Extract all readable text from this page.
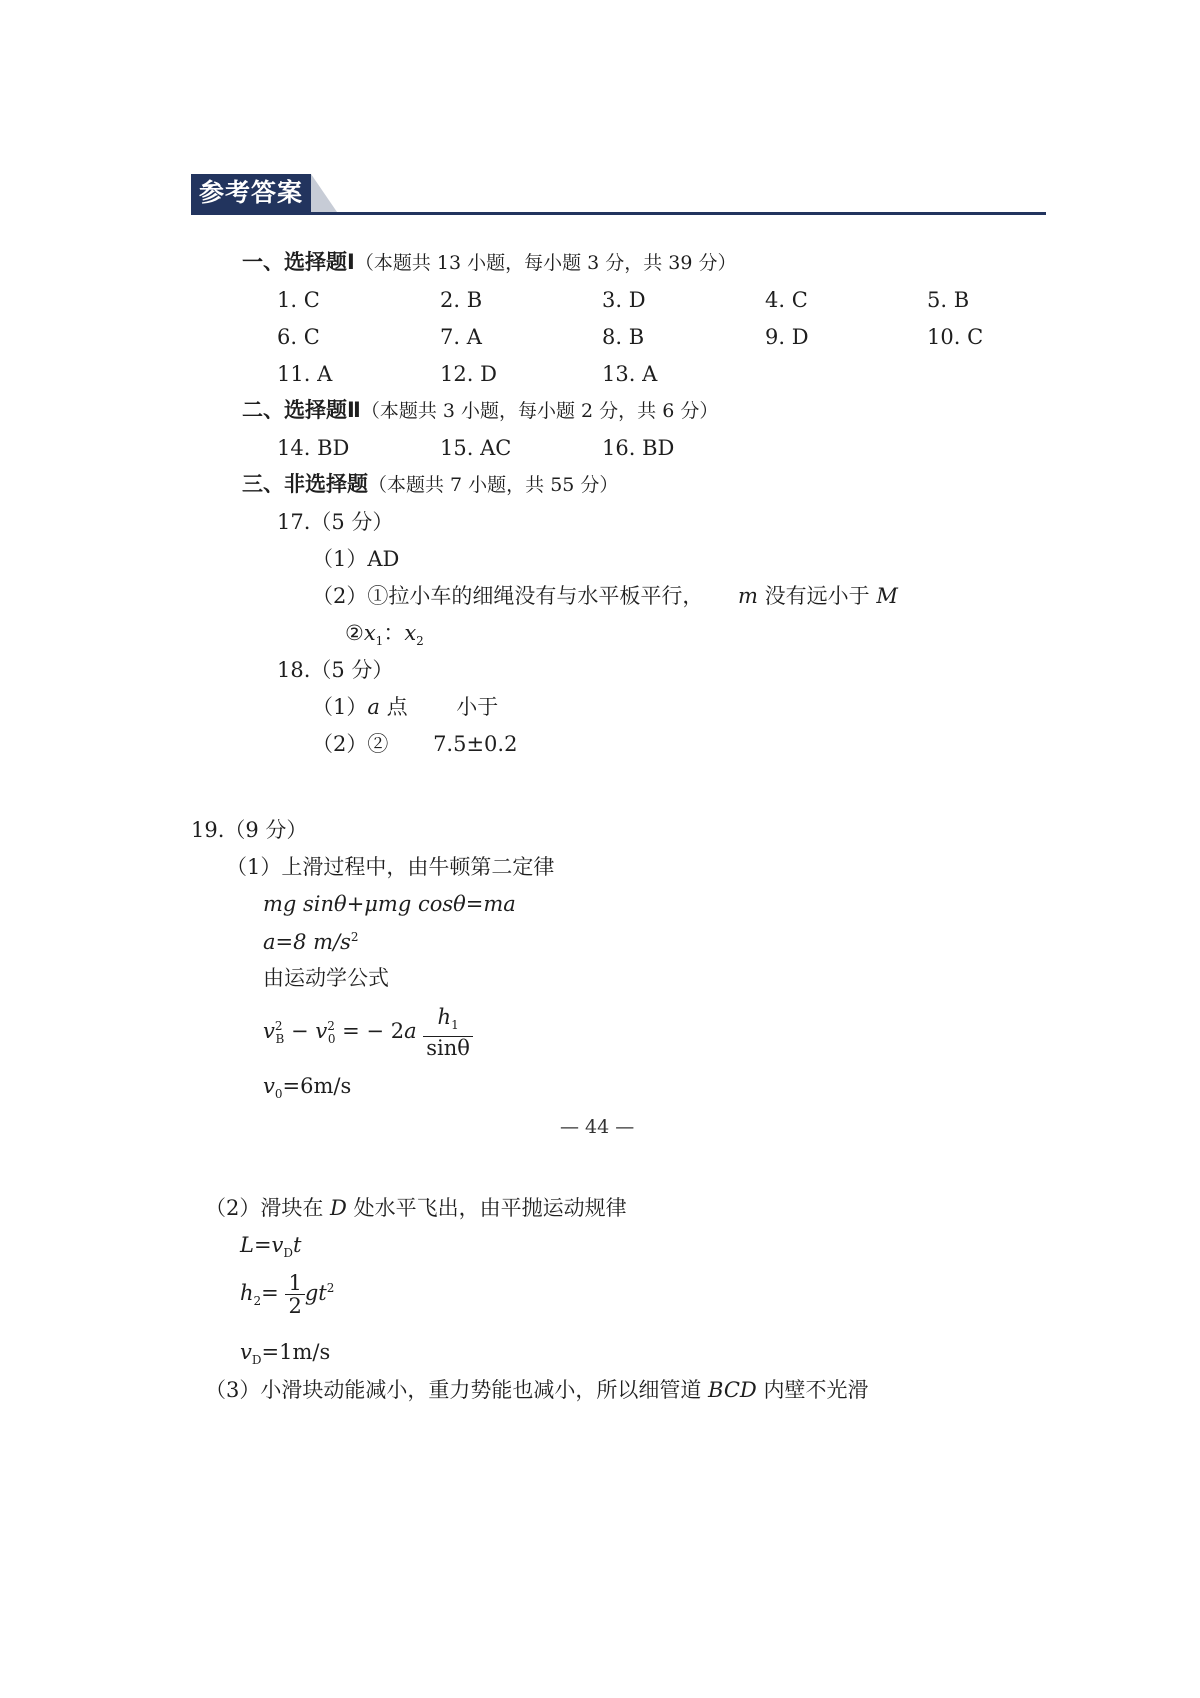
参考答案
一、选择题Ⅰ（本题共 13 小题，每小题 3 分，共 39 分）
1. C	2. B	3. D	4. C	5. B
6. C	7. A	8. B	9. D	10. C
11. A	12. D	13. A
二、选择题Ⅱ（本题共 3 小题，每小题 2 分，共 6 分）
14. BD	15. AC	16. BD
三、非选择题（本题共 7 小题，共 55 分）
17.（5 分）
（1）AD
（2）①拉小车的细绳没有与水平板平行， m 没有远小于 M
$②x_1$：$x_2$
18.（5 分）
（1）a 点 小于
（2）② 7.5±0.2
19.（9 分）
（1）上滑过程中，由牛顿第二定律
mg sinθ+μmg cosθ=ma
a=8 $m/s^2$
由运动学公式
$v^2_B - v^2_0$ = − $2a \frac{h_1}{\sin\theta}$
$v_0=6m/s$
— 44 —
（2）滑块在 D 处水平飞出，由平抛运动规律
$L=v_Dt$
$h_2= \frac{1}{2} gt^2$
$v_D=1m/s$
（3）小滑块动能减小，重力势能也减小，所以细管道 BCD 内壁不光滑
